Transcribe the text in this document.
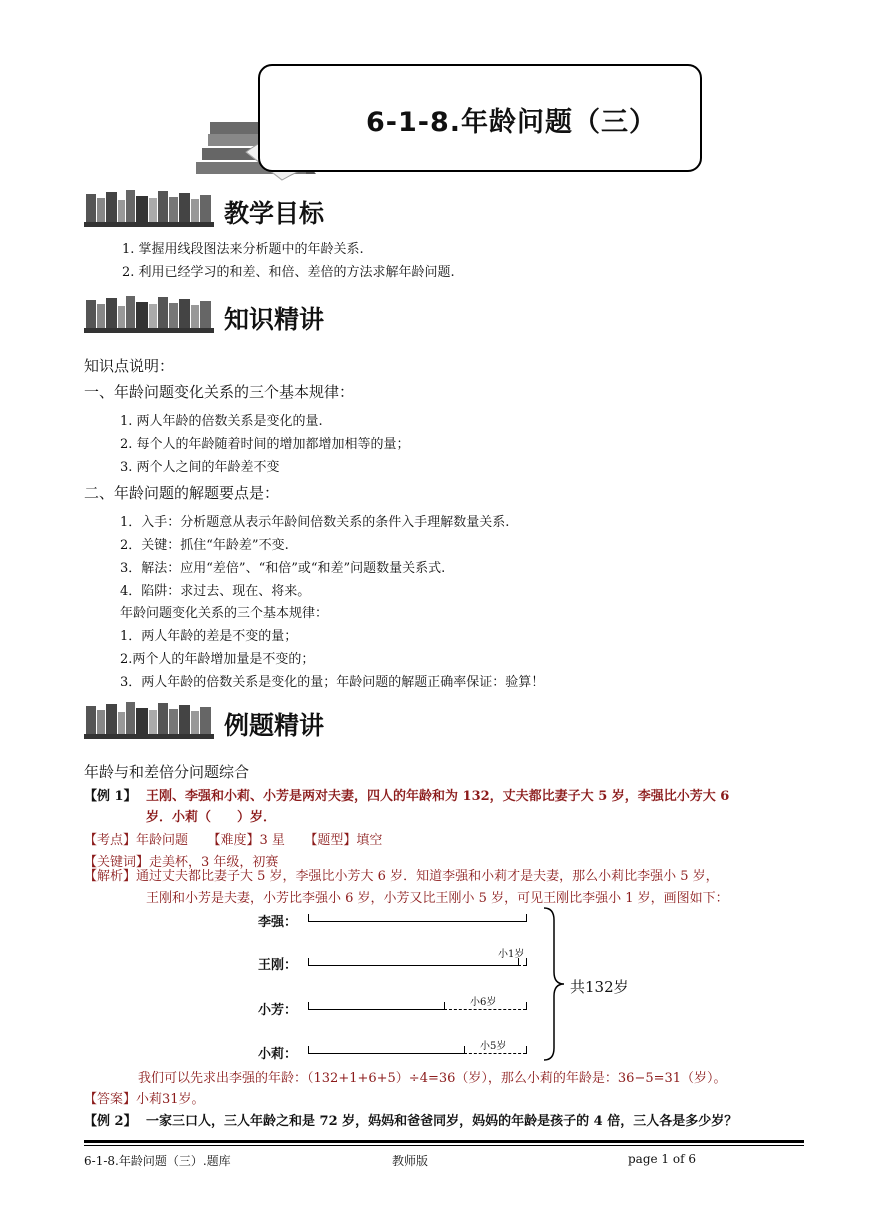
6-1-8.年龄问题（三）
教学目标
1. 掌握用线段图法来分析题中的年龄关系.
2. 利用已经学习的和差、和倍、差倍的方法求解年龄问题.
知识精讲
知识点说明：
一、年龄问题变化关系的三个基本规律：
1. 两人年龄的倍数关系是变化的量.
2. 每个人的年龄随着时间的增加都增加相等的量；
3. 两个人之间的年龄差不变
二、年龄问题的解题要点是：
1．入手：分析题意从表示年龄间倍数关系的条件入手理解数量关系.
2．关键：抓住“年龄差”不变.
3．解法：应用“差倍”、“和倍”或“和差”问题数量关系式.
4．陷阱：求过去、现在、将来。
年龄问题变化关系的三个基本规律：
1．两人年龄的差是不变的量；
2.两个人的年龄增加量是不变的；
3．两人年龄的倍数关系是变化的量；年龄问题的解题正确率保证：验算！
例题精讲
年龄与和差倍分问题综合
【例 1】 王刚、李强和小莉、小芳是两对夫妻，四人的年龄和为 132，丈夫都比妻子大 5 岁，李强比小芳大 6
岁．小莉（　　）岁．
【考点】年龄问题　　【难度】3 星　　【题型】填空
【关键词】走美杯，3 年级，初赛
【解析】通过丈夫都比妻子大 5 岁，李强比小芳大 6 岁．知道李强和小莉才是夫妻，那么小莉比李强小 5 岁，
王刚和小芳是夫妻，小芳比李强小 6 岁，小芳又比王刚小 5 岁，可见王刚比李强小 1 岁，画图如下：
李强：
王刚：
小芳：
小莉：
小1岁
小6岁
小5岁
共132岁
我们可以先求出李强的年龄：（132+1+6+5）÷4=36（岁），那么小莉的年龄是：36−5=31（岁）。
【答案】小莉31岁。
【例 2】 一家三口人，三人年龄之和是 72 岁，妈妈和爸爸同岁，妈妈的年龄是孩子的 4 倍，三人各是多少岁？
6-1-8.年龄问题（三）.题库	教师版	page 1 of 6
